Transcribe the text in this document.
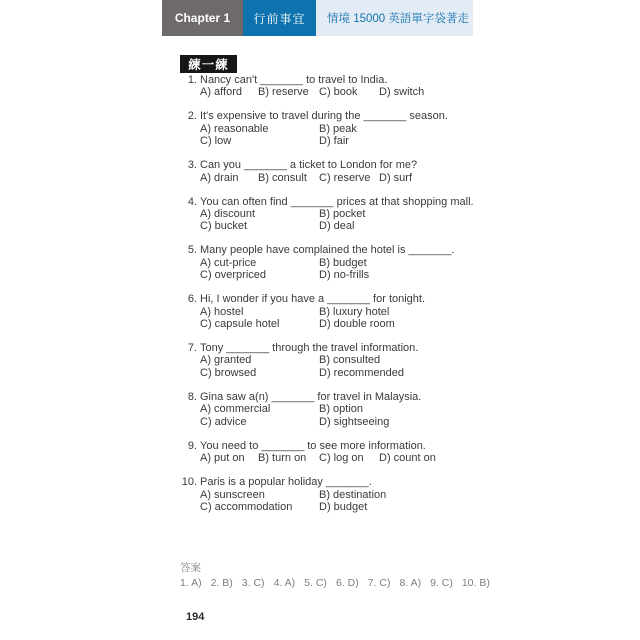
Chapter 1	行前事宜	情境 15000 英語單字袋著走
練一練
1. Nancy can't _______ to travel to India.
A) afford	B) reserve C) book	D) switch
2. It's expensive to travel during the _______ season.
A) reasonable	B) peak
C) low	D) fair
3. Can you _______ a ticket to London for me?
A) drain	B) consult	C) reserve D) surf
4. You can often find _______ prices at that shopping mall.
A) discount	B) pocket
C) bucket	D) deal
5. Many people have complained the hotel is _______.
A) cut-price	B) budget
C) overpriced	D) no-frills
6. Hi, I wonder if you have a _______ for tonight.
A) hostel	B) luxury hotel
C) capsule hotel	D) double room
7. Tony _______ through the travel information.
A) granted	B) consulted
C) browsed	D) recommended
8. Gina saw a(n) _______ for travel in Malaysia.
A) commercial	B) option
C) advice	D) sightseeing
9. You need to _______ to see more information.
A) put on	B) turn on	C) log on	D) count on
10. Paris is a popular holiday _______.
A) sunscreen	B) destination
C) accommodation	D) budget
答案
1. A) 2. B) 3. C) 4. A) 5. C) 6. D) 7. C) 8. A) 9. C) 10. B)
194
